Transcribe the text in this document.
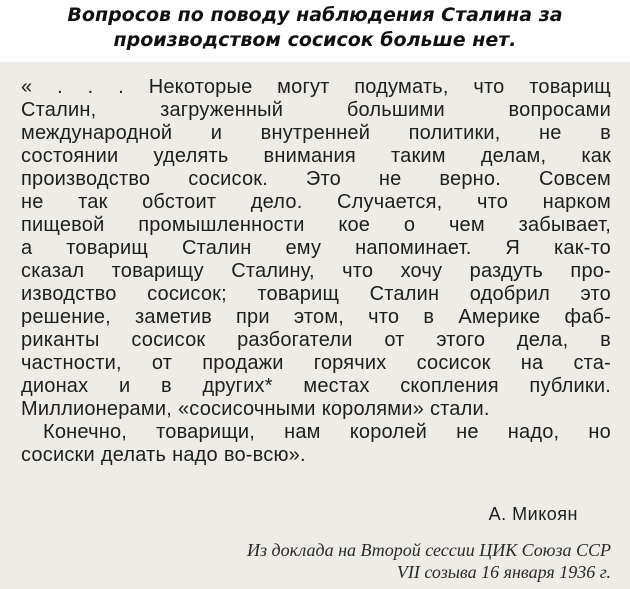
Вопросов по поводу наблюдения Сталина за
производством сосисок больше нет.
« . . . Некоторые могут подумать, что товарищ
Сталин,	загруженный	большими	вопросами
международной и внутренней политики, не в
состоянии уделять внимания таким делам, как
производство сосисок. Это не верно. Совсем
не так обстоит дело. Случается, что нарком
пищевой промышленности кое о чем забывает,
а товарищ Сталин ему напоминает. Я как-то
сказал товарищу Сталину, что хочу раздуть про-
изводство сосисок; товарищ Сталин одобрил это
решение, заметив при этом, что в Америке фаб-
риканты сосисок разбогатели от этого дела, в
частности, от продажи горячих сосисок на ста-
дионах и в других* местах скопления публики.
Миллионерами, «сосисочными королями» стали.
Конечно, товарищи, нам королей не надо, но
сосиски делать надо во-всю».
А. Микоян
Из доклада на Второй сессии ЦИК Союза ССР
VII созыва 16 января 1936 г.
